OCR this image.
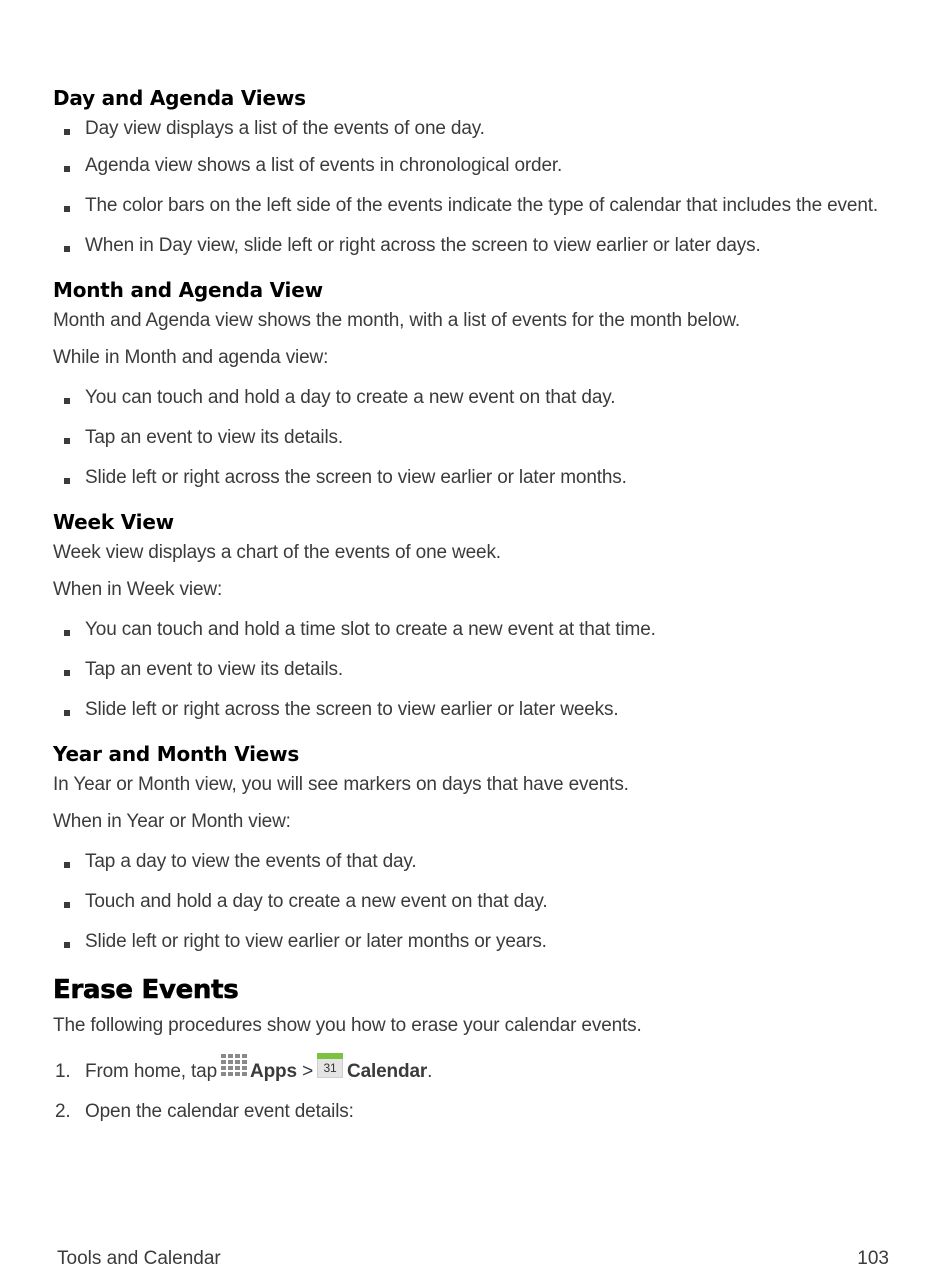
Day and Agenda Views
Day view displays a list of the events of one day.
Agenda view shows a list of events in chronological order.
The color bars on the left side of the events indicate the type of calendar that includes the event.
When in Day view, slide left or right across the screen to view earlier or later days.
Month and Agenda View

Month and Agenda view shows the month, with a list of events for the month below.

While in Month and agenda view:

You can touch and hold a day to create a new event on that day.
Tap an event to view its details.
Slide left or right across the screen to view earlier or later months.
Week View

Week view displays a chart of the events of one week.

When in Week view:

You can touch and hold a time slot to create a new event at that time.
Tap an event to view its details.
Slide left or right across the screen to view earlier or later weeks.
Year and Month Views

In Year or Month view, you will see markers on days that have events.

When in Year or Month view:

Tap a day to view the events of that day.
Touch and hold a day to create a new event on that day.
Slide left or right to view earlier or later months or years.
Erase Events

The following procedures show you how to erase your calendar events.

1. From home, tap Apps > 31 Calendar.
2. Open the calendar event details:
Tools and Calendar	103
